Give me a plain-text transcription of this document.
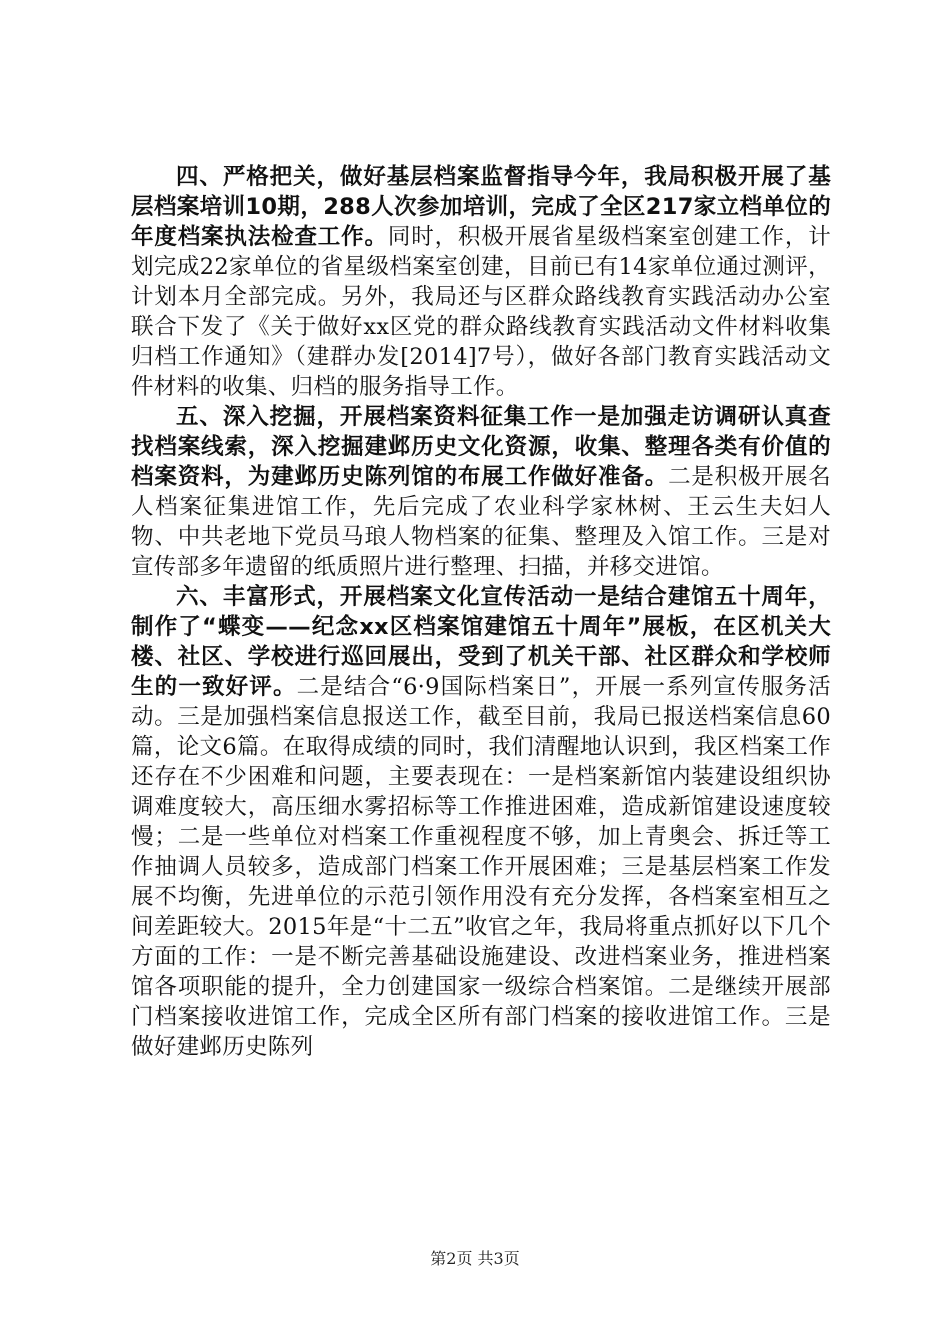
四、严格把关，做好基层档案监督指导今年，我局积极开展了基层档案培训10期，288人次参加培训，完成了全区217家立档单位的年度档案执法检查工作。同时，积极开展省星级档案室创建工作，计划完成22家单位的省星级档案室创建，目前已有14家单位通过测评，计划本月全部完成。另外，我局还与区群众路线教育实践活动办公室联合下发了《关于做好xx区党的群众路线教育实践活动文件材料收集归档工作通知》（建群办发[2014]7号），做好各部门教育实践活动文件材料的收集、归档的服务指导工作。

五、深入挖掘，开展档案资料征集工作一是加强走访调研认真查找档案线索，深入挖掘建邺历史文化资源，收集、整理各类有价值的档案资料，为建邺历史陈列馆的布展工作做好准备。二是积极开展名人档案征集进馆工作，先后完成了农业科学家林树、王云生夫妇人物、中共老地下党员马琅人物档案的征集、整理及入馆工作。三是对宣传部多年遗留的纸质照片进行整理、扫描，并移交进馆。

六、丰富形式，开展档案文化宣传活动一是结合建馆五十周年，制作了“蝶变——纪念xx区档案馆建馆五十周年”展板，在区机关大楼、社区、学校进行巡回展出，受到了机关干部、社区群众和学校师生的一致好评。二是结合“6·9国际档案日”，开展一系列宣传服务活动。三是加强档案信息报送工作，截至目前，我局已报送档案信息60篇，论文6篇。在取得成绩的同时，我们清醒地认识到，我区档案工作还存在不少困难和问题，主要表现在：一是档案新馆内装建设组织协调难度较大，高压细水雾招标等工作推进困难，造成新馆建设速度较慢；二是一些单位对档案工作重视程度不够，加上青奥会、拆迁等工作抽调人员较多，造成部门档案工作开展困难；三是基层档案工作发展不均衡，先进单位的示范引领作用没有充分发挥，各档案室相互之间差距较大。2015年是“十二五”收官之年，我局将重点抓好以下几个方面的工作：一是不断完善基础设施建设、改进档案业务，推进档案馆各项职能的提升，全力创建国家一级综合档案馆。二是继续开展部门档案接收进馆工作，完成全区所有部门档案的接收进馆工作。三是做好建邺历史陈列

第2页 共3页
